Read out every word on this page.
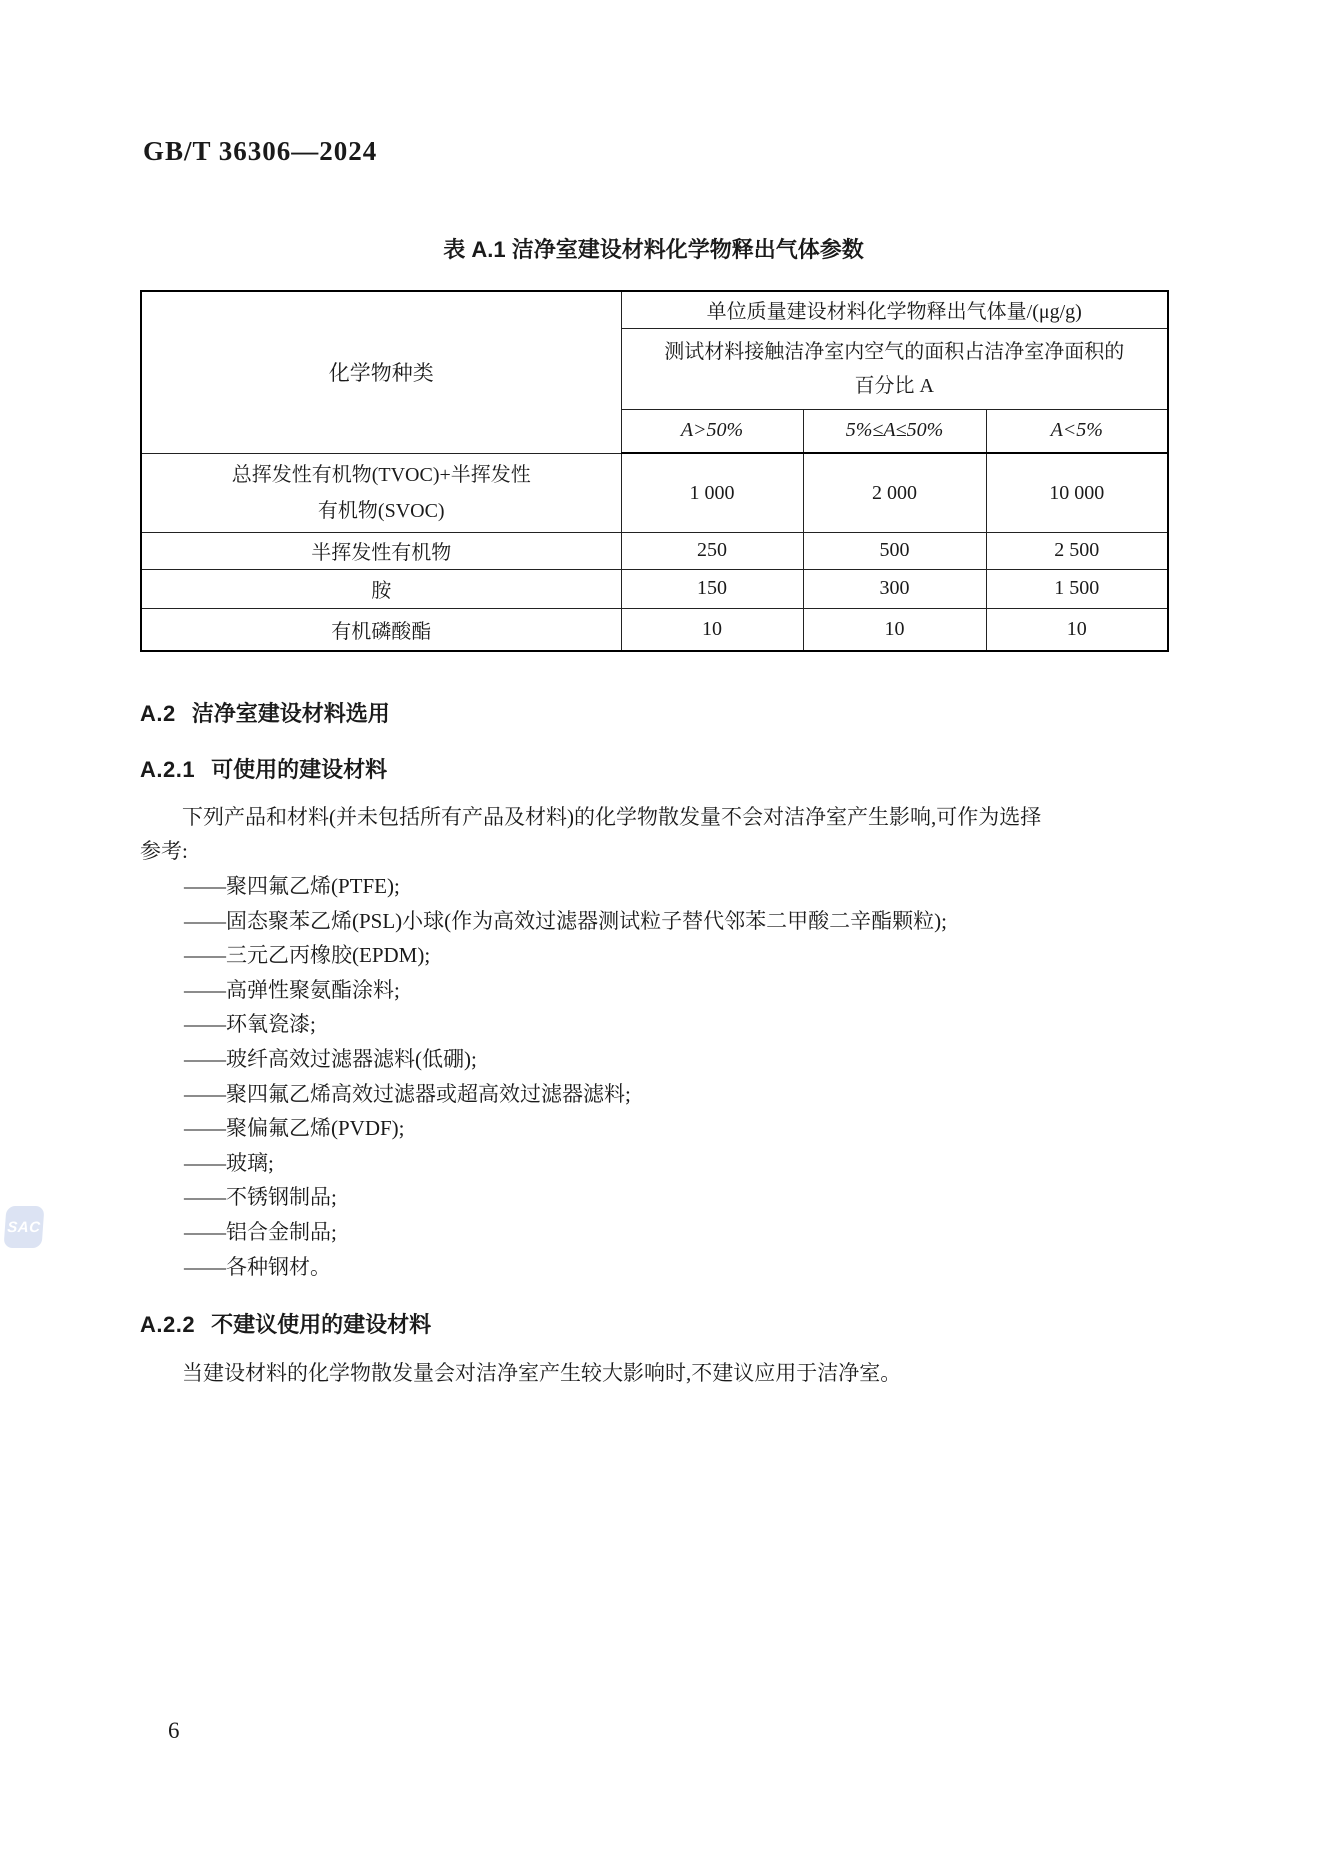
GB/T 36306—2024
表 A.1 洁净室建设材料化学物释出气体参数
化学物种类	单位质量建设材料化学物释出气体量/(μg/g)		

	测试材料接触洁净室内空气的面积占洁净室净面积的
百分比 A		

	A>50%	5%≤A≤50%	A<5%

总挥发性有机物(TVOC)+半挥发性
有机物(SVOC)	1 000	2 000	10 000
半挥发性有机物	250	500	2 500
胺	150	300	1 500
有机磷酸酯	10	10	10
A.2 洁净室建设材料选用
A.2.1 可使用的建设材料
下列产品和材料(并未包括所有产品及材料)的化学物散发量不会对洁净室产生影响,可作为选择
参考:
——聚四氟乙烯(PTFE);
——固态聚苯乙烯(PSL)小球(作为高效过滤器测试粒子替代邻苯二甲酸二辛酯颗粒);
——三元乙丙橡胶(EPDM);
——高弹性聚氨酯涂料;
——环氧瓷漆;
——玻纤高效过滤器滤料(低硼);
——聚四氟乙烯高效过滤器或超高效过滤器滤料;
——聚偏氟乙烯(PVDF);
——玻璃;
——不锈钢制品;
——铝合金制品;
——各种钢材。
A.2.2 不建议使用的建设材料
当建设材料的化学物散发量会对洁净室产生较大影响时,不建议应用于洁净室。
SAC
6
